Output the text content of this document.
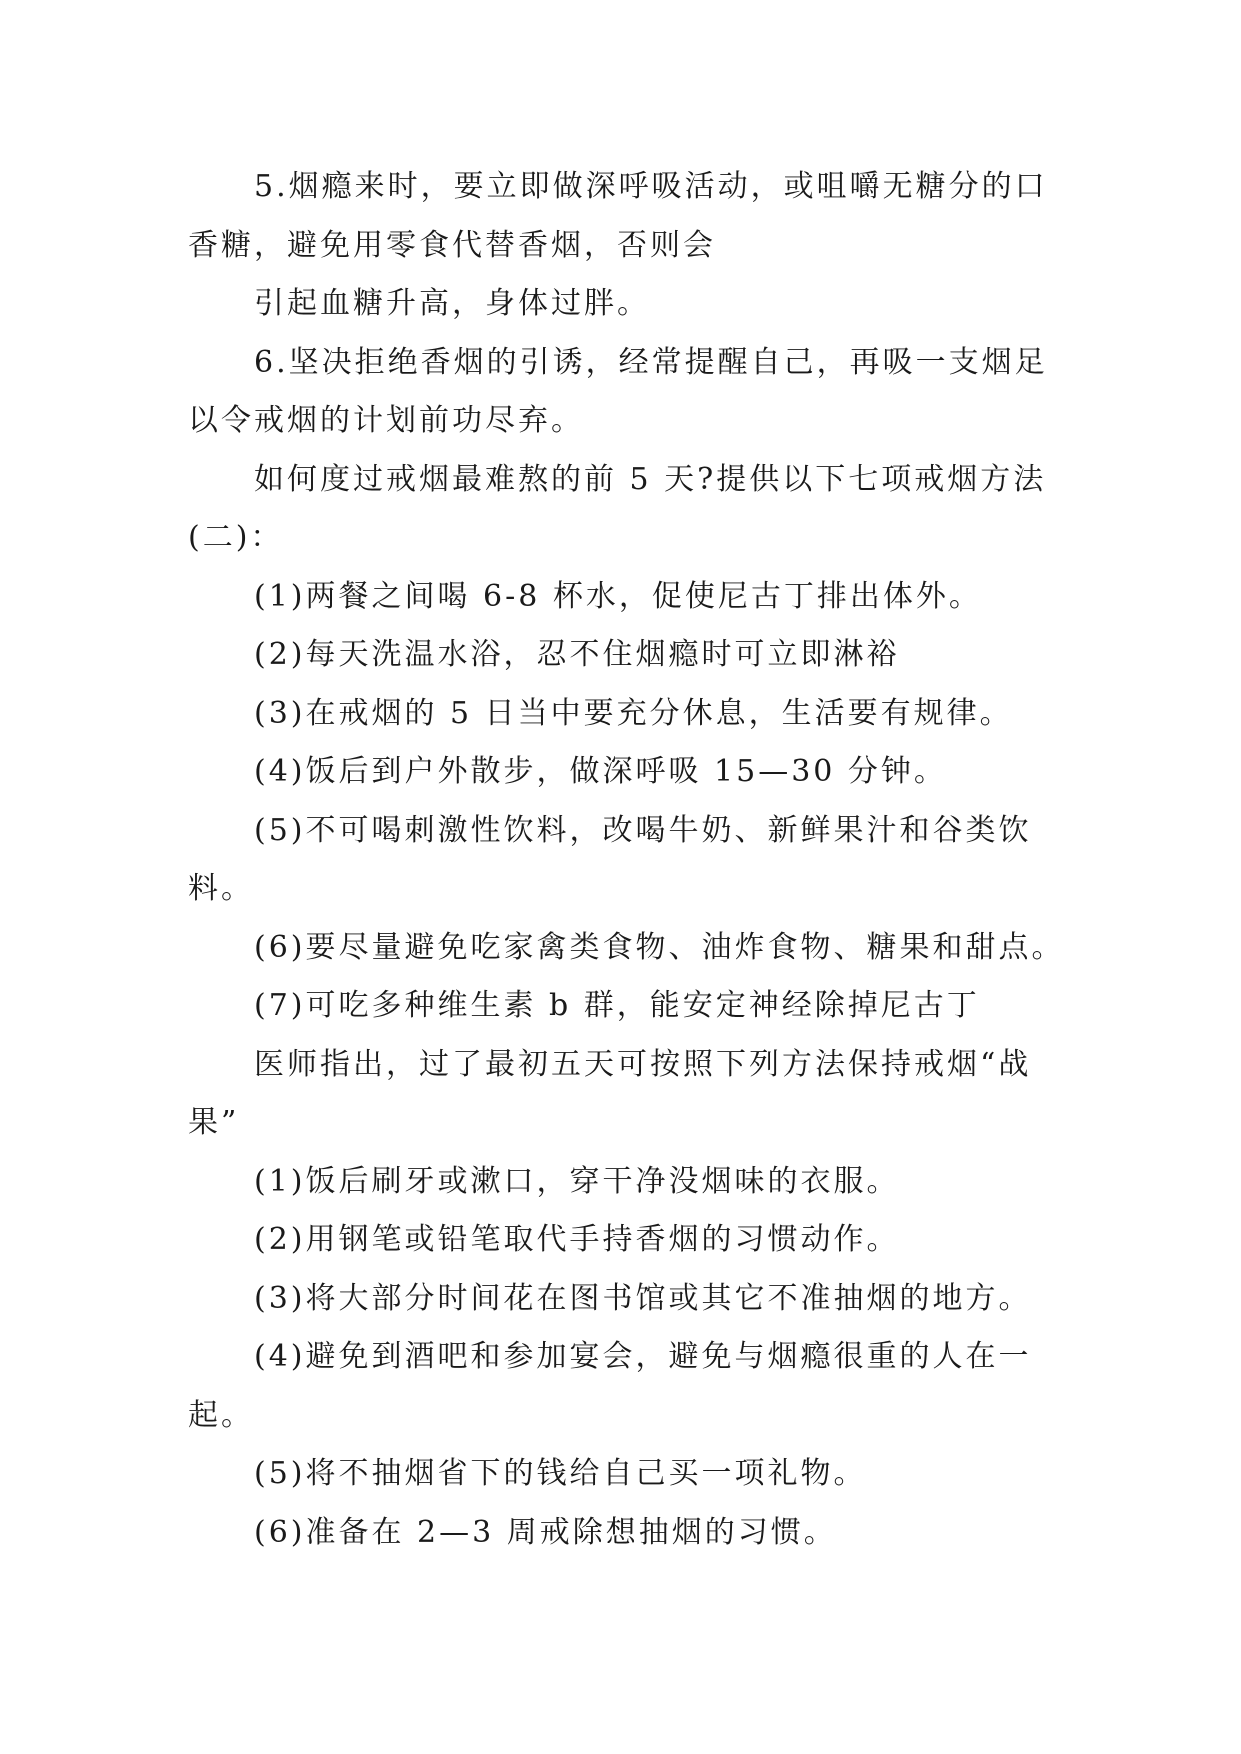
5.烟瘾来时，要立即做深呼吸活动，或咀嚼无糖分的口
香糖，避免用零食代替香烟，否则会
引起血糖升高，身体过胖。
6.坚决拒绝香烟的引诱，经常提醒自己，再吸一支烟足
以令戒烟的计划前功尽弃。
如何度过戒烟最难熬的前 5 天?提供以下七项戒烟方法
(二)：
(1)两餐之间喝 6-8 杯水，促使尼古丁排出体外。
(2)每天洗温水浴，忍不住烟瘾时可立即淋裕
(3)在戒烟的 5 日当中要充分休息，生活要有规律。
(4)饭后到户外散步，做深呼吸 15—30 分钟。
(5)不可喝刺激性饮料，改喝牛奶、新鲜果汁和谷类饮
料。
(6)要尽量避免吃家禽类食物、油炸食物、糖果和甜点。
(7)可吃多种维生素 b 群，能安定神经除掉尼古丁
医师指出，过了最初五天可按照下列方法保持戒烟“战
果”
(1)饭后刷牙或漱口，穿干净没烟味的衣服。
(2)用钢笔或铅笔取代手持香烟的习惯动作。
(3)将大部分时间花在图书馆或其它不准抽烟的地方。
(4)避免到酒吧和参加宴会，避免与烟瘾很重的人在一
起。
(5)将不抽烟省下的钱给自己买一项礼物。
(6)准备在 2—3 周戒除想抽烟的习惯。
